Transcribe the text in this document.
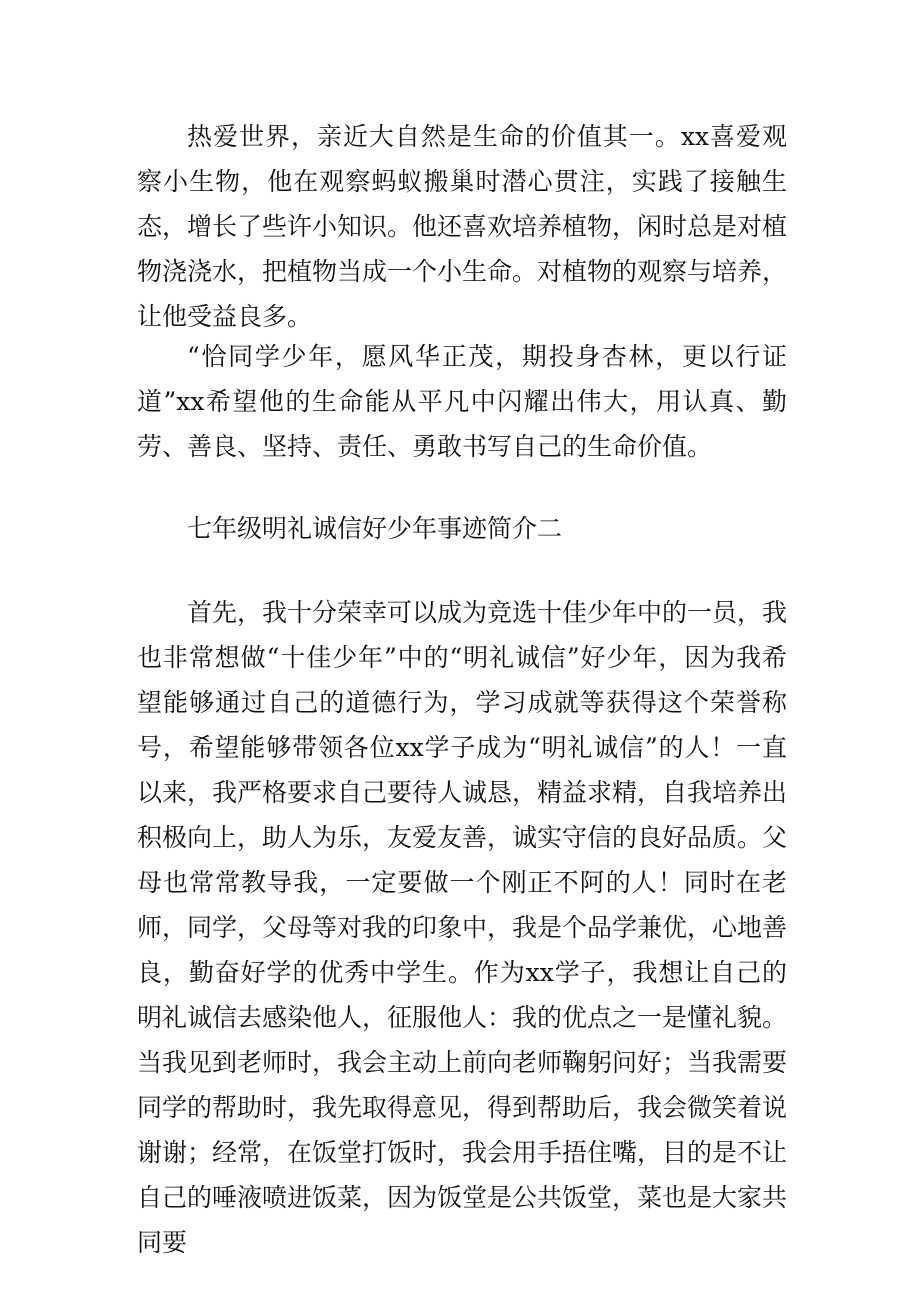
热爱世界，亲近大自然是生命的价值其一。xx喜爱观察小生物，他在观察蚂蚁搬巢时潜心贯注，实践了接触生态，增长了些许小知识。他还喜欢培养植物，闲时总是对植物浇浇水，把植物当成一个小生命。对植物的观察与培养，让他受益良多。

“恰同学少年，愿风华正茂，期投身杏林，更以行证道”xx希望他的生命能从平凡中闪耀出伟大，用认真、勤劳、善良、坚持、责任、勇敢书写自己的生命价值。

七年级明礼诚信好少年事迹简介二

首先，我十分荣幸可以成为竞选十佳少年中的一员，我也非常想做“十佳少年”中的“明礼诚信”好少年，因为我希望能够通过自己的道德行为，学习成就等获得这个荣誉称号，希望能够带领各位xx学子成为“明礼诚信”的人！一直以来，我严格要求自己要待人诚恳，精益求精，自我培养出积极向上，助人为乐，友爱友善，诚实守信的良好品质。父母也常常教导我，一定要做一个刚正不阿的人！同时在老师，同学，父母等对我的印象中，我是个品学兼优，心地善良，勤奋好学的优秀中学生。作为xx学子，我想让自己的明礼诚信去感染他人，征服他人：我的优点之一是懂礼貌。当我见到老师时，我会主动上前向老师鞠躬问好；当我需要同学的帮助时，我先取得意见，得到帮助后，我会微笑着说谢谢；经常，在饭堂打饭时，我会用手捂住嘴，目的是不让自己的唾液喷进饭菜，因为饭堂是公共饭堂，菜也是大家共同要
